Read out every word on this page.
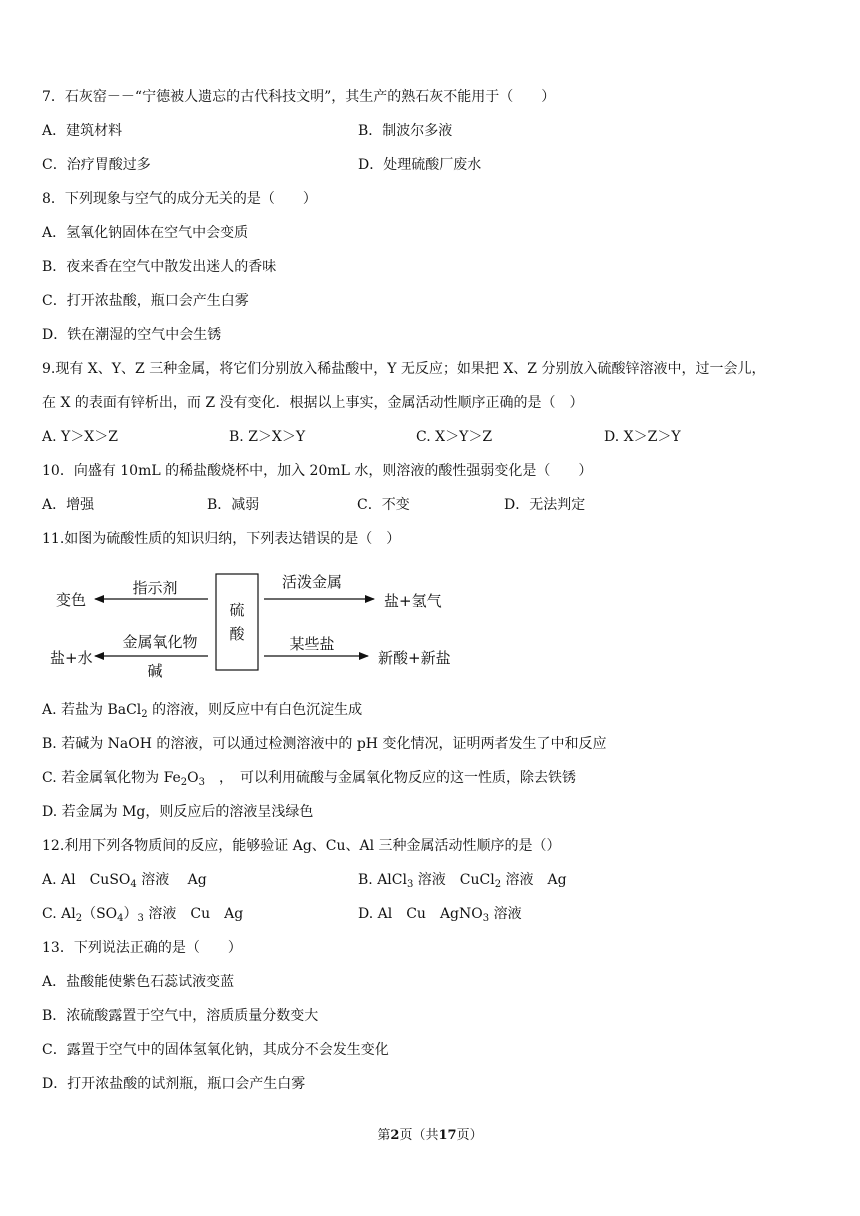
7．石灰窑－－“宁德被人遗忘的古代科技文明”，其生产的熟石灰不能用于（　　）
A．建筑材料	B．制波尔多液
C．治疗胃酸过多	D．处理硫酸厂废水
8．下列现象与空气的成分无关的是（　　）
A．氢氧化钠固体在空气中会变质
B．夜来香在空气中散发出迷人的香味
C．打开浓盐酸，瓶口会产生白雾
D．铁在潮湿的空气中会生锈
9.现有 X、Y、Z 三种金属，将它们分别放入稀盐酸中，Y 无反应；如果把 X、Z 分别放入硫酸锌溶液中，过一会儿，
在 X 的表面有锌析出，而 Z 没有变化．根据以上事实，金属活动性顺序正确的是（　）
A. Y＞X＞Z	B. Z＞X＞Y	C. X＞Y＞Z	D. X＞Z＞Y
10．向盛有 10mL 的稀盐酸烧杯中，加入 20mL 水，则溶液的酸性强弱变化是（　　）
A．增强	B．减弱	C．不变	D．无法判定
11.如图为硫酸性质的知识归纳，下列表达错误的是（　）
硫
酸
指示剂
变色
活泼金属
盐+氢气
金属氧化物
碱
盐+水
某些盐
新酸+新盐
A. 若盐为 BaCl$_2$ 的溶液，则反应中有白色沉淀生成
B. 若碱为 NaOH 的溶液，可以通过检测溶液中的 pH 变化情况，证明两者发生了中和反应
C. 若金属氧化物为 $Fe_2O_3$　，　可以利用硫酸与金属氧化物反应的这一性质，除去铁锈
D. 若金属为 Mg，则反应后的溶液呈浅绿色
12.利用下列各物质间的反应，能够验证 Ag、Cu、Al 三种金属活动性顺序的是（）
A. Al　CuSO$_4$ 溶液　 Ag	B. AlCl$_3$ 溶液　CuCl$_2$ 溶液　Ag
C. $Al_2(SO_4)_3$ 溶液　Cu　Ag	D. Al　Cu　AgNO$_3$ 溶液
13．下列说法正确的是（　　）
A．盐酸能使紫色石蕊试液变蓝
B．浓硫酸露置于空气中，溶质质量分数变大
C．露置于空气中的固体氢氧化钠，其成分不会发生变化
D．打开浓盐酸的试剂瓶，瓶口会产生白雾
第2页（共17页）
